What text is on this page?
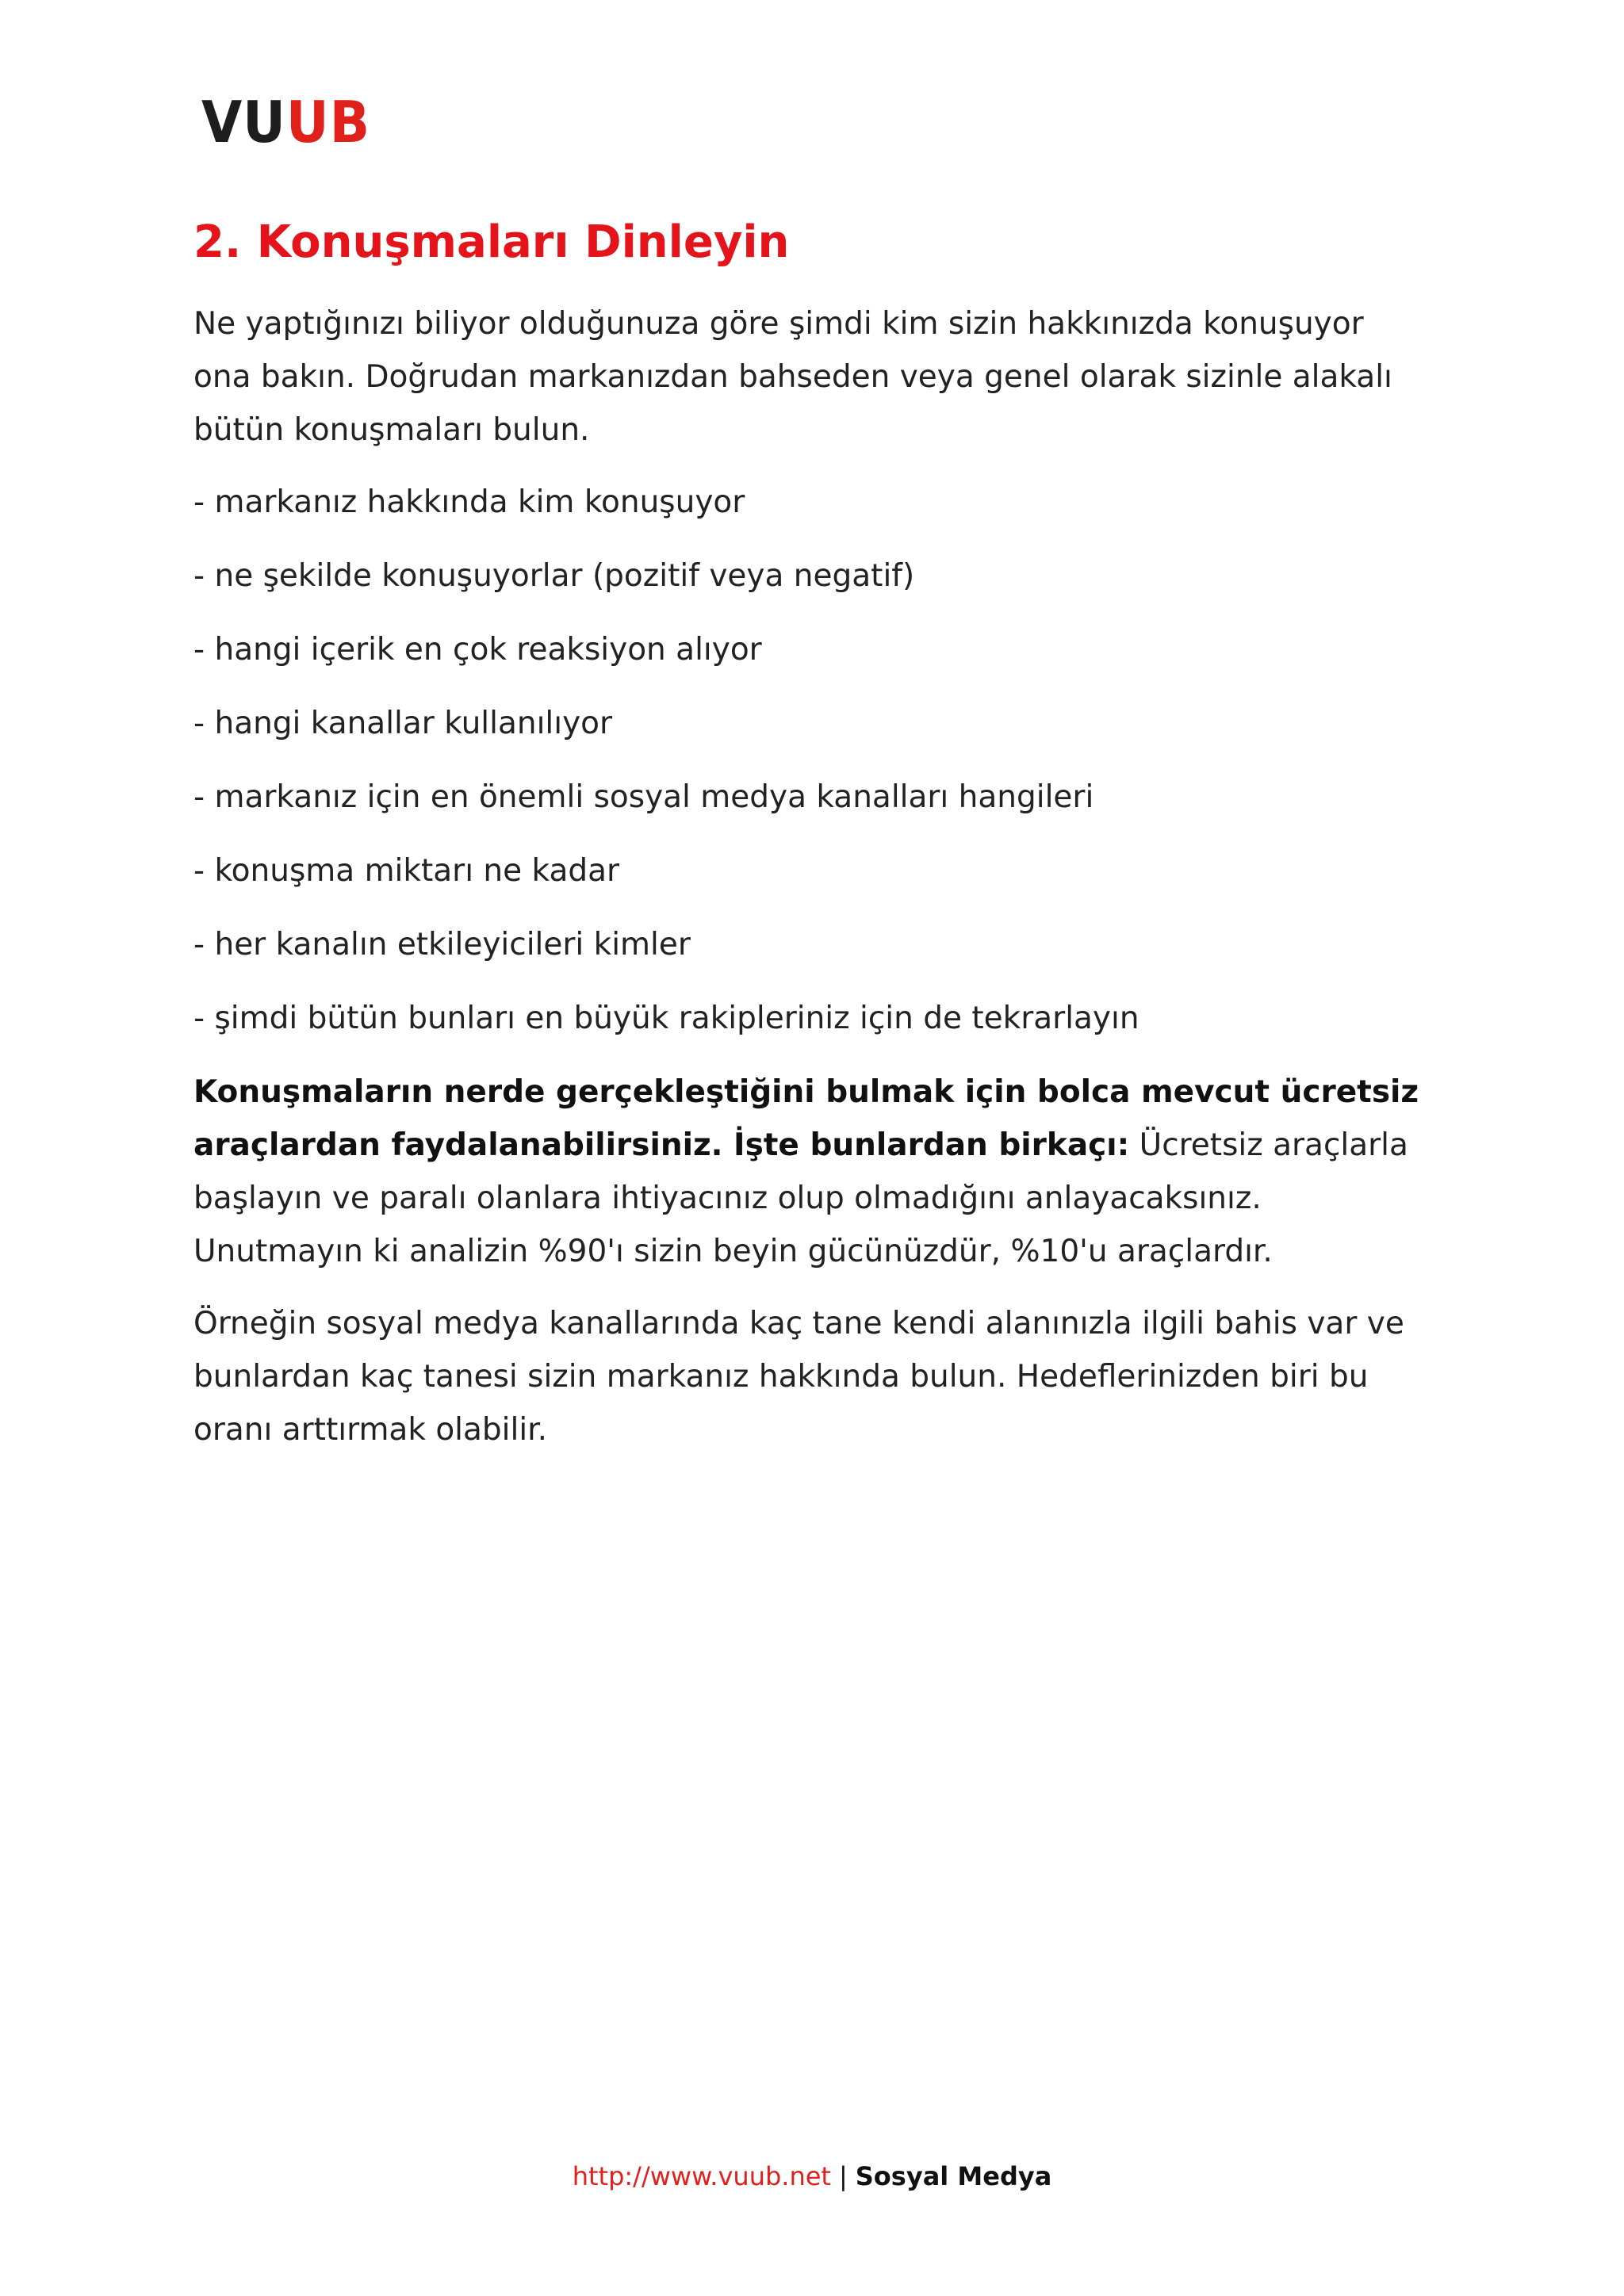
VUUB
2. Konuşmaları Dinleyin

Ne yaptığınızı biliyor olduğunuza göre şimdi kim sizin hakkınızda konuşuyor ona bakın. Doğrudan markanızdan bahseden veya genel olarak sizinle alakalı bütün konuşmaları bulun.

- markanız hakkında kim konuşuyor

- ne şekilde konuşuyorlar (pozitif veya negatif)

- hangi içerik en çok reaksiyon alıyor

- hangi kanallar kullanılıyor

- markanız için en önemli sosyal medya kanalları hangileri

- konuşma miktarı ne kadar

- her kanalın etkileyicileri kimler

- şimdi bütün bunları en büyük rakipleriniz için de tekrarlayın

Konuşmaların nerde gerçekleştiğini bulmak için bolca mevcut ücretsiz araçlardan faydalanabilirsiniz. İşte bunlardan birkaçı: Ücretsiz araçlarla başlayın ve paralı olanlara ihtiyacınız olup olmadığını anlayacaksınız. Unutmayın ki analizin %90'ı sizin beyin gücünüzdür, %10'u araçlardır.

Örneğin sosyal medya kanallarında kaç tane kendi alanınızla ilgili bahis var ve bunlardan kaç tanesi sizin markanız hakkında bulun. Hedeflerinizden biri bu oranı arttırmak olabilir.

http://www.vuub.net | Sosyal Medya
